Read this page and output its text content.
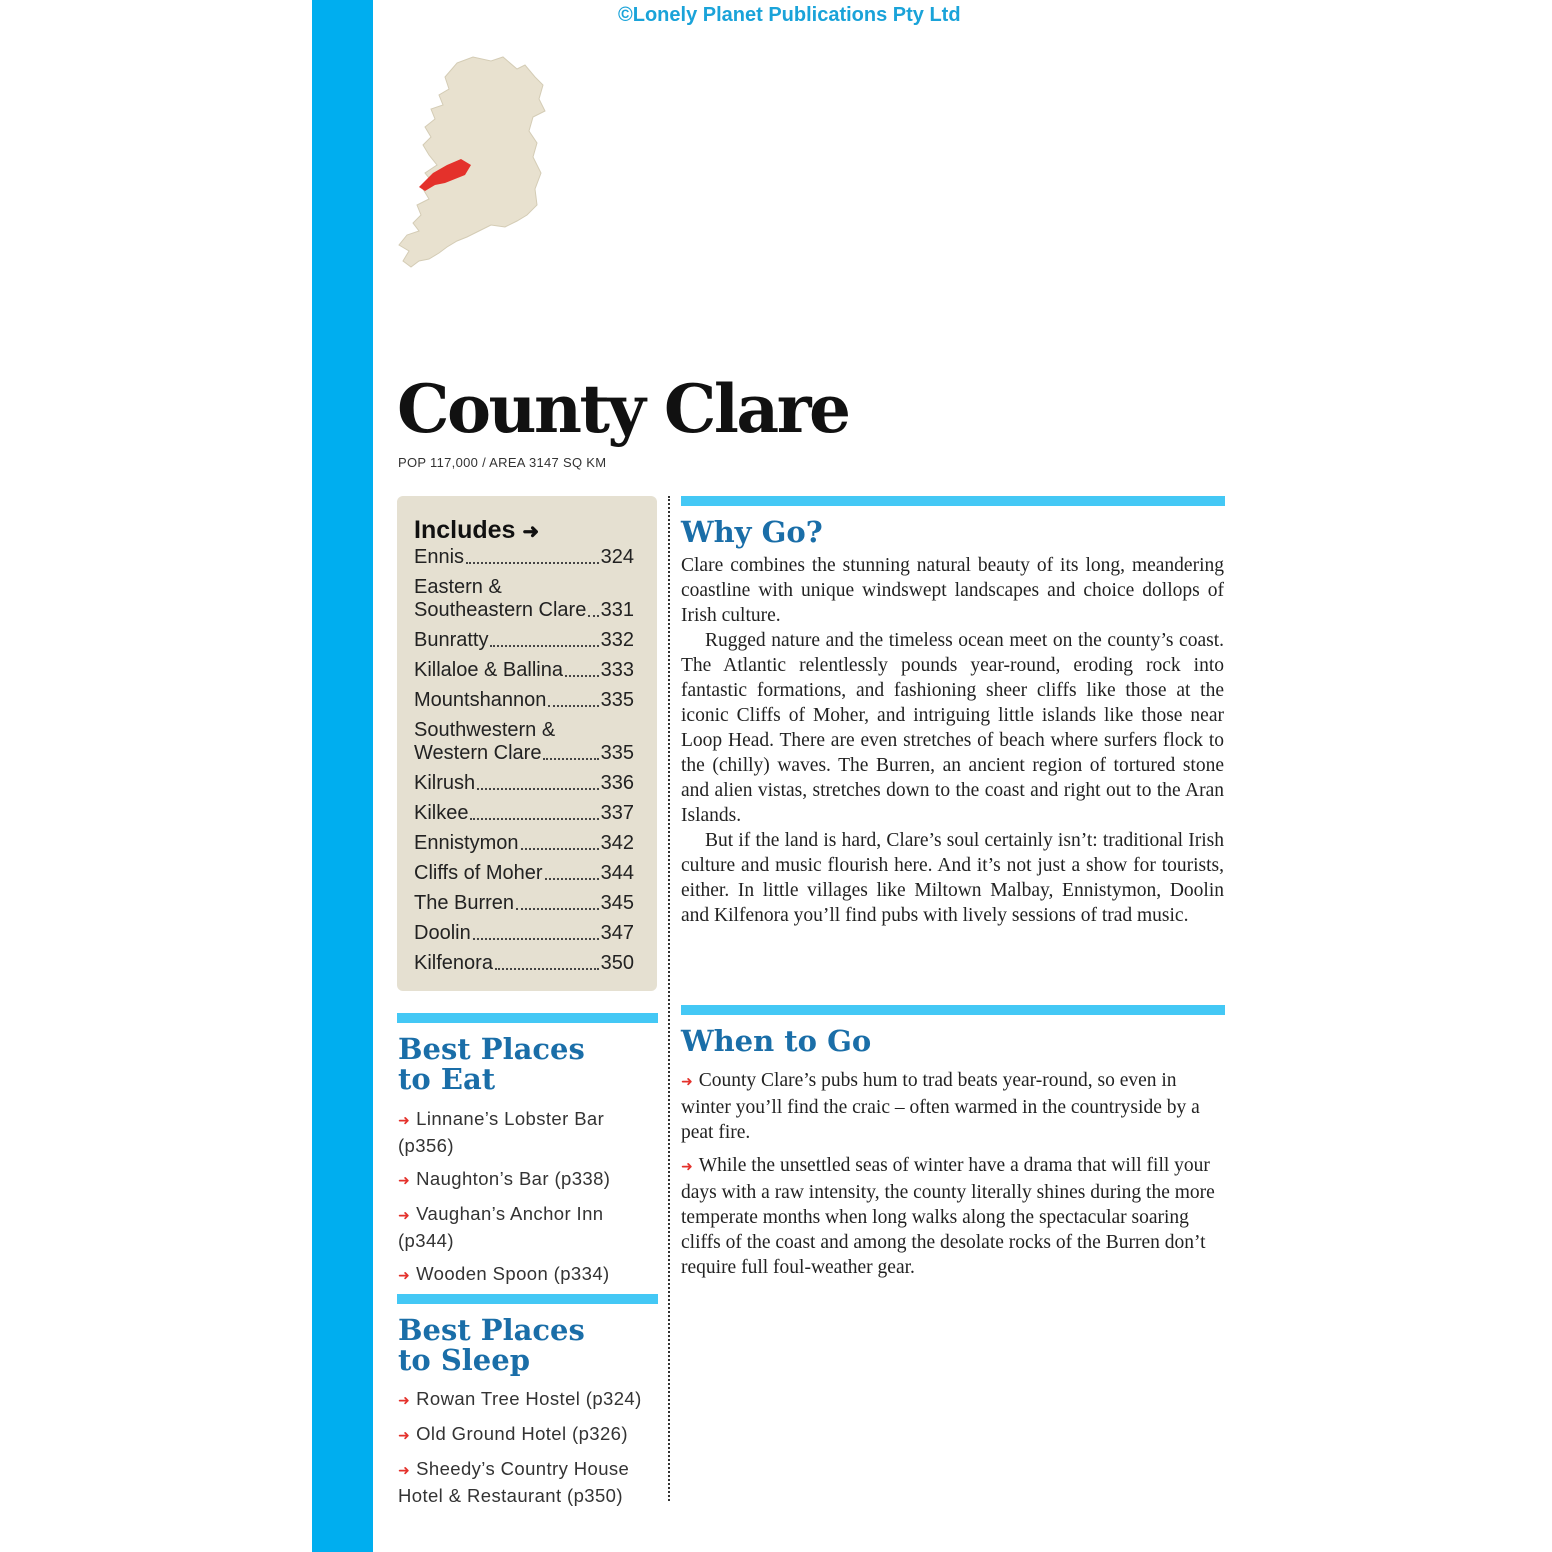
©Lonely Planet Publications Pty Ltd
County Clare
POP 117,000 / AREA 3147 SQ KM
Includes ➜
Ennis	324
Eastern &
Southeastern Clare 331
Bunratty	332
Killaloe & Ballina 333
Mountshannon	335
Southwestern &
Western Clare	335
Kilrush	336
Kilkee	337
Ennistymon	342
Cliffs of Moher	344
The Burren	345
Doolin	347
Kilfenora	350
Best Places
to Eat
➜ Linnane’s Lobster Bar (p356)
➜ Naughton’s Bar (p338)
➜ Vaughan’s Anchor Inn (p344)
➜ Wooden Spoon (p334)
Best Places
to Sleep
➜ Rowan Tree Hostel (p324)
➜ Old Ground Hotel (p326)
➜ Sheedy’s Country House Hotel & Restaurant (p350)
Why Go?

Clare combines the stunning natural beauty of its long, meandering coastline with unique windswept landscapes and choice dollops of Irish culture.

Rugged nature and the timeless ocean meet on the county’s coast. The Atlantic relentlessly pounds year-round, eroding rock into fantastic formations, and fashioning sheer cliffs like those at the iconic Cliffs of Moher, and intriguing little islands like those near Loop Head. There are even stretches of beach where surfers flock to the (chilly) waves. The Burren, an ancient region of tortured stone and alien vistas, stretches down to the coast and right out to the Aran Islands.

But if the land is hard, Clare’s soul certainly isn’t: traditional Irish culture and music flourish here. And it’s not just a show for tourists, either. In little villages like Miltown Malbay, Ennistymon, Doolin and Kilfenora you’ll find pubs with lively sessions of trad music.

When to Go

➜ County Clare’s pubs hum to trad beats year-round, so even in winter you’ll find the craic – often warmed in the countryside by a peat fire.

➜ While the unsettled seas of winter have a drama that will fill your days with a raw intensity, the county literally shines during the more temperate months when long walks along the spectacular soaring cliffs of the coast and among the desolate rocks of the Burren don’t require full foul-weather gear.
